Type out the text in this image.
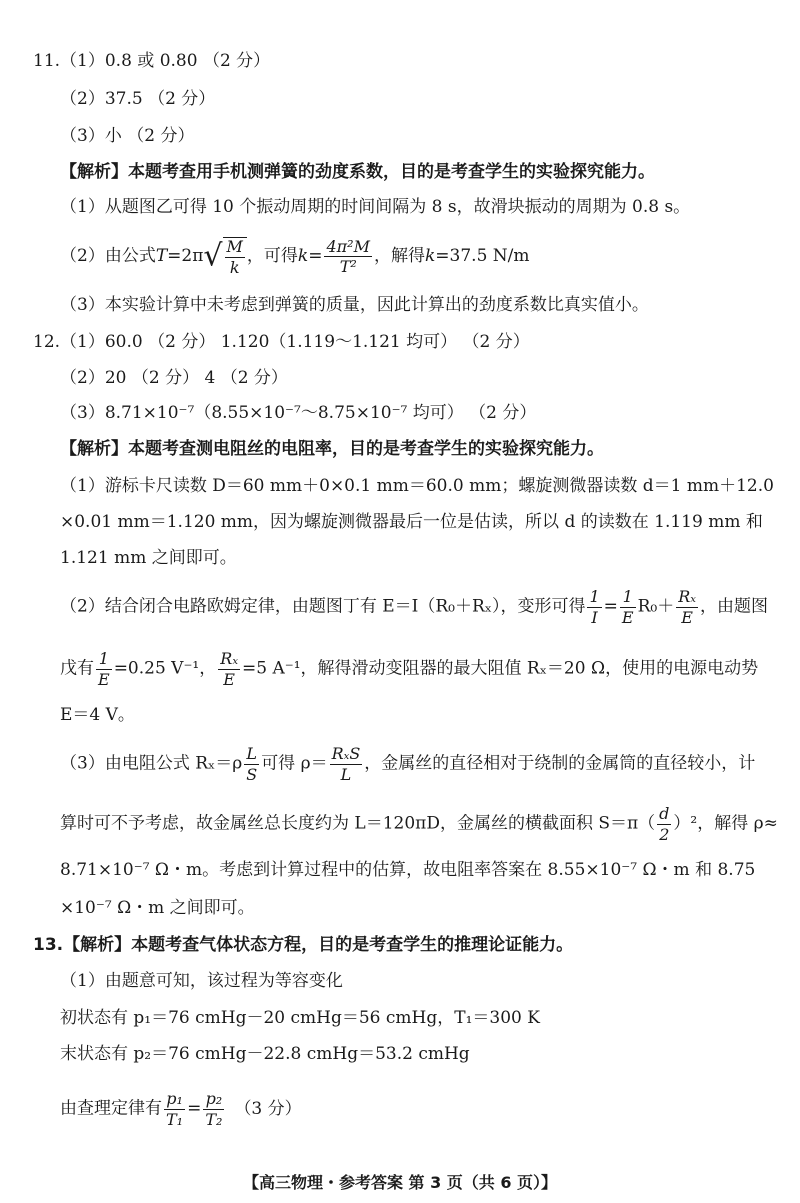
11.（1）0.8 或 0.80 （2 分）
（2）37.5 （2 分）
（3）小 （2 分）
【解析】本题考查用手机测弹簧的劲度系数，目的是考查学生的实验探究能力。
（1）从题图乙可得 10 个振动周期的时间间隔为 8 s，故滑块振动的周期为 0.8 s。
（2）由公式$T=2\pi√ \frac{M}{k}$ ，可得$k= \frac{\text{4π²M}}{\text{T²}}$ ，解得k=37.5 N/m
（3）本实验计算中未考虑到弹簧的质量，因此计算出的劲度系数比真实值小。
12.（1）60.0 （2 分） 1.120（1.119～1.121 均可） （2 分）
（2）20 （2 分） 4 （2 分）
（3）8.71×10⁻⁷（8.55×10⁻⁷～8.75×10⁻⁷ 均可） （2 分）
【解析】本题考查测电阻丝的电阻率，目的是考查学生的实验探究能力。
（1）游标卡尺读数 D＝60 mm＋0×0.1 mm＝60.0 mm；螺旋测微器读数 d＝1 mm＋12.0
×0.01 mm＝1.120 mm，因为螺旋测微器最后一位是估读，所以 d 的读数在 1.119 mm 和
1.121 mm 之间即可。
（2）结合闭合电路欧姆定律，由题图丁有 E＝I（R₀＋Rₓ），变形可得 $\frac{1}{I} = \frac{1}{E} R_0+ \frac{\text{Rₓ}}{E}$ ，由题图
戊有 $\frac{1}{E} =0.25$ V⁻¹， $\frac{\text{Rₓ}}{E} =5$ A⁻¹，解得滑动变阻器的最大阻值 Rₓ＝20 Ω，使用的电源电动势
E＝4 V。
（3）由电阻公式 $R_x=\rho \frac{L}{S}$ 可得 $\rho= \frac{\text{RₓS}}{L}$ ，金属丝的直径相对于绕制的金属筒的直径较小，计
算时可不予考虑，故金属丝总长度约为 L＝120πD，金属丝的横截面积 $S=\pi( \frac{d}{2} )^2$，解得 ρ≈
8.71×10⁻⁷ Ω・m。考虑到计算过程中的估算，故电阻率答案在 8.55×10⁻⁷ Ω・m 和 8.75
×10⁻⁷ Ω・m 之间即可。
13.【解析】本题考查气体状态方程，目的是考查学生的推理论证能力。
（1）由题意可知，该过程为等容变化
初状态有 p₁＝76 cmHg－20 cmHg＝56 cmHg，T₁＝300 K
末状态有 p₂＝76 cmHg－22.8 cmHg＝53.2 cmHg
由查理定律有 $\frac{\text{p₁}}{\text{T₁}} = \frac{\text{p₂}}{\text{T₂}} (3$ 分）
【高三物理・参考答案 第 3 页（共 6 页）】
